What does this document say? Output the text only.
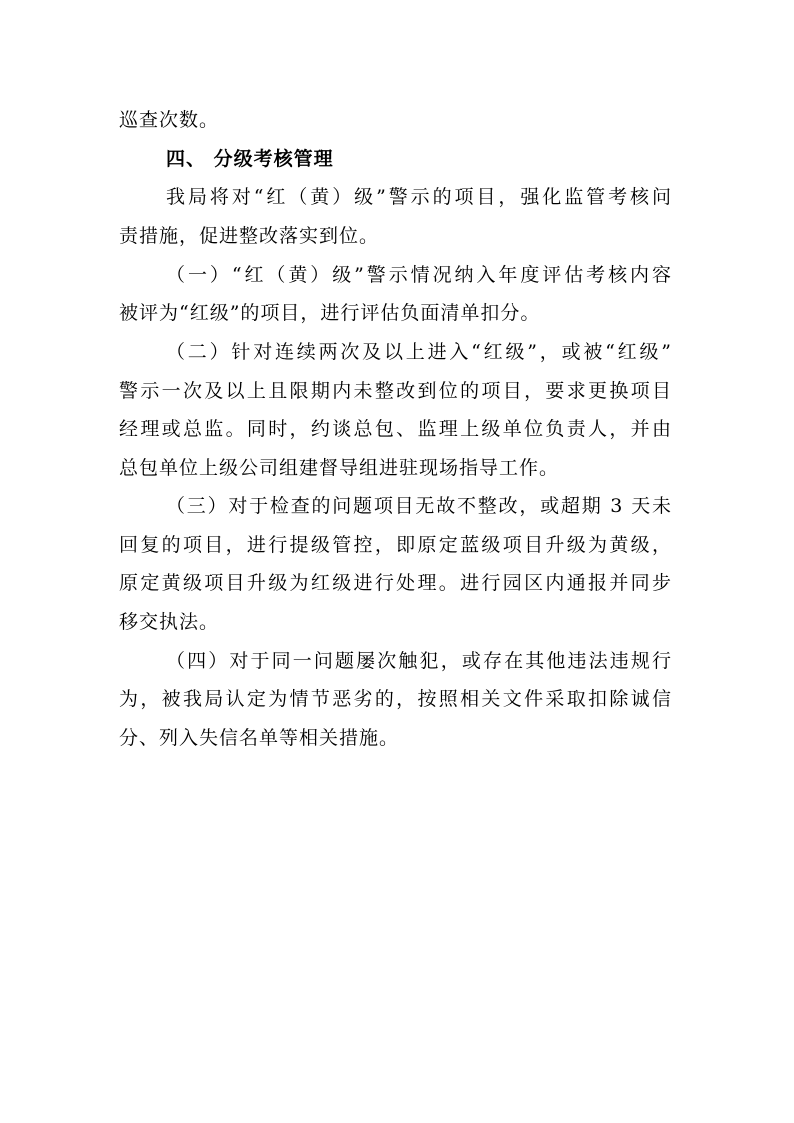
巡查次数。
四、 分级考核管理
我局将对“红（黄）级”警示的项目，强化监管考核问
责措施，促进整改落实到位。
（一）“红（黄）级”警示情况纳入年度评估考核内容
被评为“红级”的项目，进行评估负面清单扣分。
（二）针对连续两次及以上进入“红级”，或被“红级”
警示一次及以上且限期内未整改到位的项目，要求更换项目
经理或总监。同时，约谈总包、监理上级单位负责人，并由
总包单位上级公司组建督导组进驻现场指导工作。
（三）对于检查的问题项目无故不整改，或超期 3 天未
回复的项目，进行提级管控，即原定蓝级项目升级为黄级，
原定黄级项目升级为红级进行处理。进行园区内通报并同步
移交执法。
（四）对于同一问题屡次触犯，或存在其他违法违规行
为，被我局认定为情节恶劣的，按照相关文件采取扣除诚信
分、列入失信名单等相关措施。
